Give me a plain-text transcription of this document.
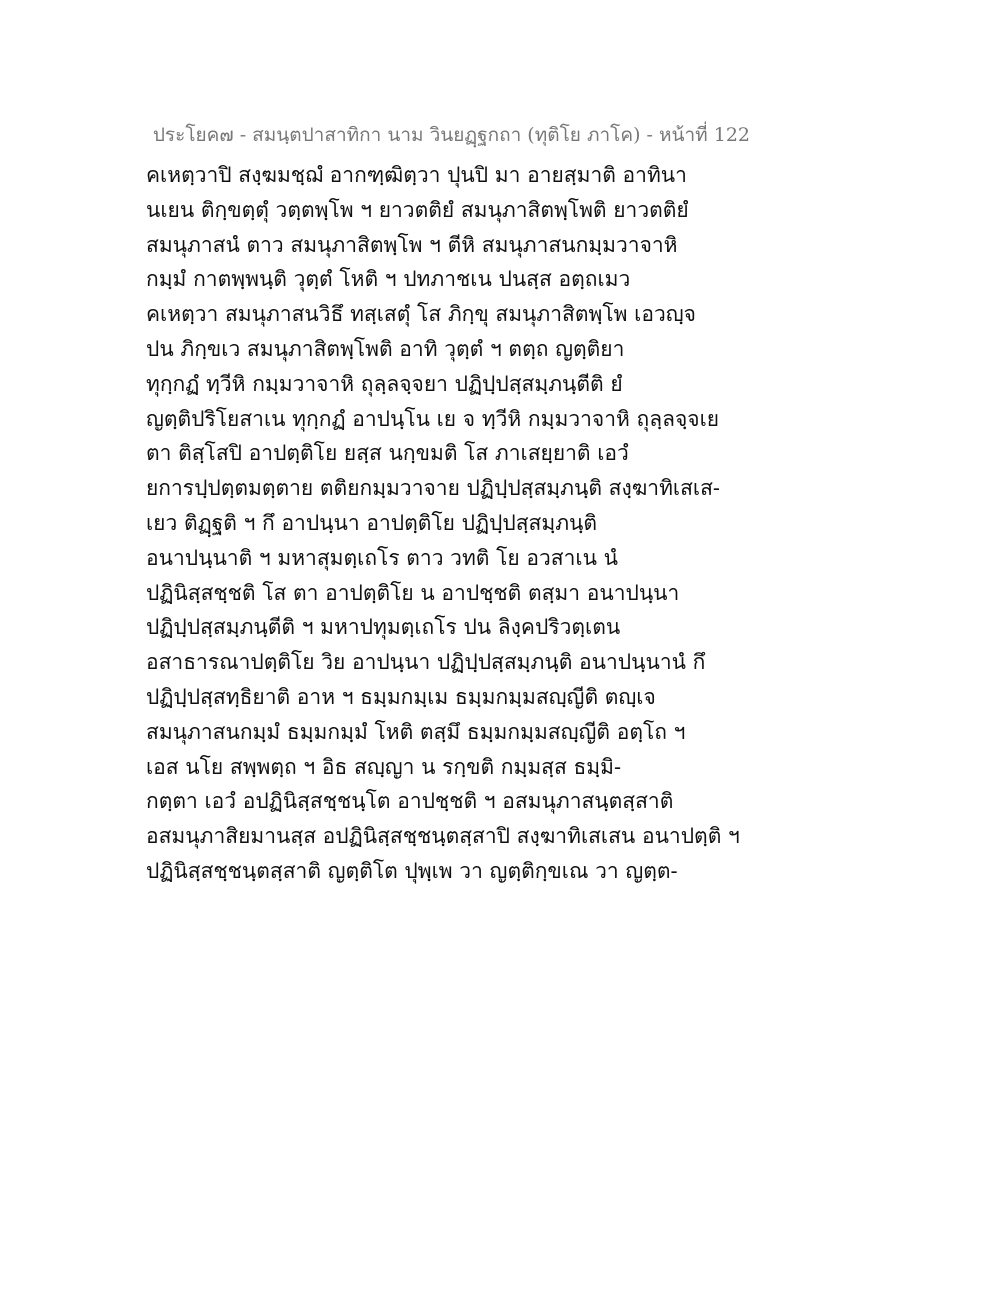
ประโยค๗ - สมนฺตปาสาทิกา นาม วินยฏฺฐกถา (ทุติโย ภาโค) - หน้าที่ 122
คเหตฺวาปิ สงฺฆมชฺฌํ อากฑฺฒิตฺวา ปุนปิ มา อายสฺมาติ อาทินา
นเยน ติกฺขตฺตุํ วตฺตพฺโพ ฯ ยาวตติยํ สมนุภาสิตพฺโพติ ยาวตติยํ
สมนุภาสนํ ตาว สมนุภาสิตพฺโพ ฯ ตีหิ สมนุภาสนกมฺมวาจาหิ
กมฺมํ กาตพฺพนฺติ วุตฺตํ โหติ ฯ ปทภาชเน ปนสฺส อตฺถเมว
คเหตฺวา สมนุภาสนวิธึ ทสฺเสตุํ โส ภิกฺขุ สมนุภาสิตพฺโพ เอวญฺจ
ปน ภิกฺขเว สมนุภาสิตพฺโพติ อาทิ วุตฺตํ ฯ ตตฺถ ญตฺติยา
ทุกฺกฏํ ทฺวีหิ กมฺมวาจาหิ ถุลฺลจฺจยา ปฏิปฺปสฺสมฺภนฺตีติ ยํ
ญตฺติปริโยสาเน ทุกฺกฏํ อาปนฺโน เย จ ทฺวีหิ กมฺมวาจาหิ ถุลฺลจฺจเย
ตา ติสฺโสปิ อาปตฺติโย ยสฺส นกฺขมติ โส ภาเสยฺยาติ เอวํ
ยการปฺปตฺตมตฺตาย ตติยกมฺมวาจาย ปฏิปฺปสฺสมฺภนฺติ สงฺฆาทิเสเส-
เยว ติฏฺฐติ ฯ กึ อาปนฺนา อาปตฺติโย ปฏิปฺปสฺสมฺภนฺติ
อนาปนฺนาติ ฯ มหาสุมตฺเถโร ตาว วทติ โย อวสาเน นํ
ปฏินิสฺสชฺชติ โส ตา อาปตฺติโย น อาปชฺชติ ตสฺมา อนาปนฺนา
ปฏิปฺปสฺสมฺภนฺตีติ ฯ มหาปทุมตฺเถโร ปน ลิงฺคปริวตฺเตน
อสาธารณาปตฺติโย วิย อาปนฺนา ปฏิปฺปสฺสมฺภนฺติ อนาปนฺนานํ กึ
ปฏิปฺปสฺสทฺธิยาติ อาห ฯ ธมฺมกมฺเม ธมฺมกมฺมสญฺญีติ ตญฺเจ
สมนุภาสนกมฺมํ ธมฺมกมฺมํ โหติ ตสฺมึ ธมฺมกมฺมสญฺญีติ อตฺโถ ฯ
เอส นโย สพฺพตฺถ ฯ อิธ สญฺญา น รกฺขติ กมฺมสฺส ธมฺมิ-
กตฺตา เอวํ อปฏินิสฺสชฺชนฺโต อาปชฺชติ ฯ อสมนุภาสนฺตสฺสาติ
อสมนุภาสิยมานสฺส อปฏินิสฺสชฺชนฺตสฺสาปิ สงฺฆาทิเสเสน อนาปตฺติ ฯ
ปฏินิสฺสชฺชนฺตสฺสาติ ญตฺติโต ปุพฺเพ วา ญตฺติกฺขเณ วา ญตฺต-
